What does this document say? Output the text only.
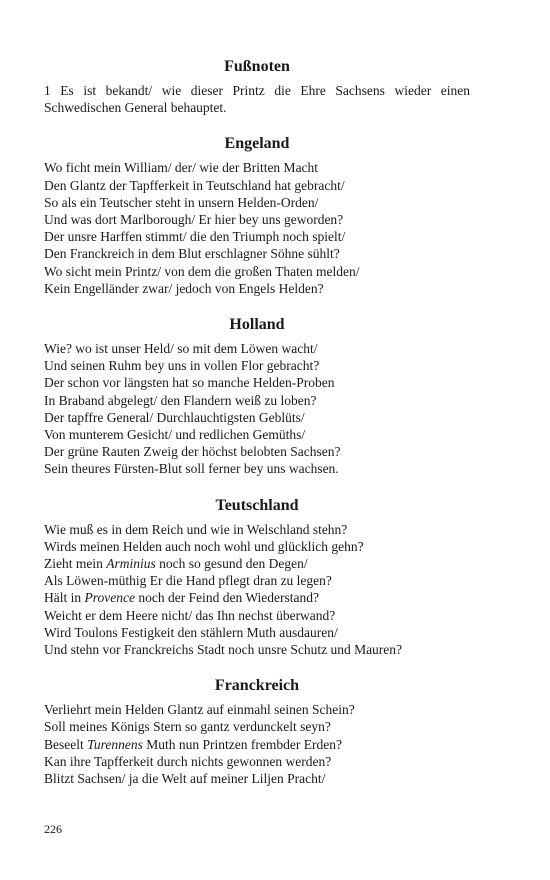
Fußnoten

1 Es ist bekandt/ wie dieser Printz die Ehre Sachsens wieder einen Schwedischen General behauptet.

Engeland

Wo ficht mein William/ der/ wie der Britten Macht

Den Glantz der Tapfferkeit in Teutschland hat gebracht/

So als ein Teutscher steht in unsern Helden-Orden/

Und was dort Marlborough/ Er hier bey uns geworden?

Der unsre Harffen stimmt/ die den Triumph noch spielt/

Den Franckreich in dem Blut erschlagner Söhne sühlt?

Wo sicht mein Printz/ von dem die großen Thaten melden/

Kein Engelländer zwar/ jedoch von Engels Helden?

Holland

Wie? wo ist unser Held/ so mit dem Löwen wacht/

Und seinen Ruhm bey uns in vollen Flor gebracht?

Der schon vor längsten hat so manche Helden-Proben

In Braband abgelegt/ den Flandern weiß zu loben?

Der tapffre General/ Durchlauchtigsten Geblüts/

Von munterem Gesicht/ und redlichen Gemüths/

Der grüne Rauten Zweig der höchst belobten Sachsen?

Sein theures Fürsten-Blut soll ferner bey uns wachsen.

Teutschland

Wie muß es in dem Reich und wie in Welschland stehn?

Wirds meinen Helden auch noch wohl und glücklich gehn?

Zieht mein Arminius noch so gesund den Degen/

Als Löwen-müthig Er die Hand pflegt dran zu legen?

Hält in Provence noch der Feind den Wiederstand?

Weicht er dem Heere nicht/ das Ihn nechst überwand?

Wird Toulons Festigkeit den stählern Muth ausdauren/

Und stehn vor Franckreichs Stadt noch unsre Schutz und Mauren?

Franckreich

Verliehrt mein Helden Glantz auf einmahl seinen Schein?

Soll meines Königs Stern so gantz verdunckelt seyn?

Beseelt Turennens Muth nun Printzen frembder Erden?

Kan ihre Tapfferkeit durch nichts gewonnen werden?

Blitzt Sachsen/ ja die Welt auf meiner Liljen Pracht/

226
